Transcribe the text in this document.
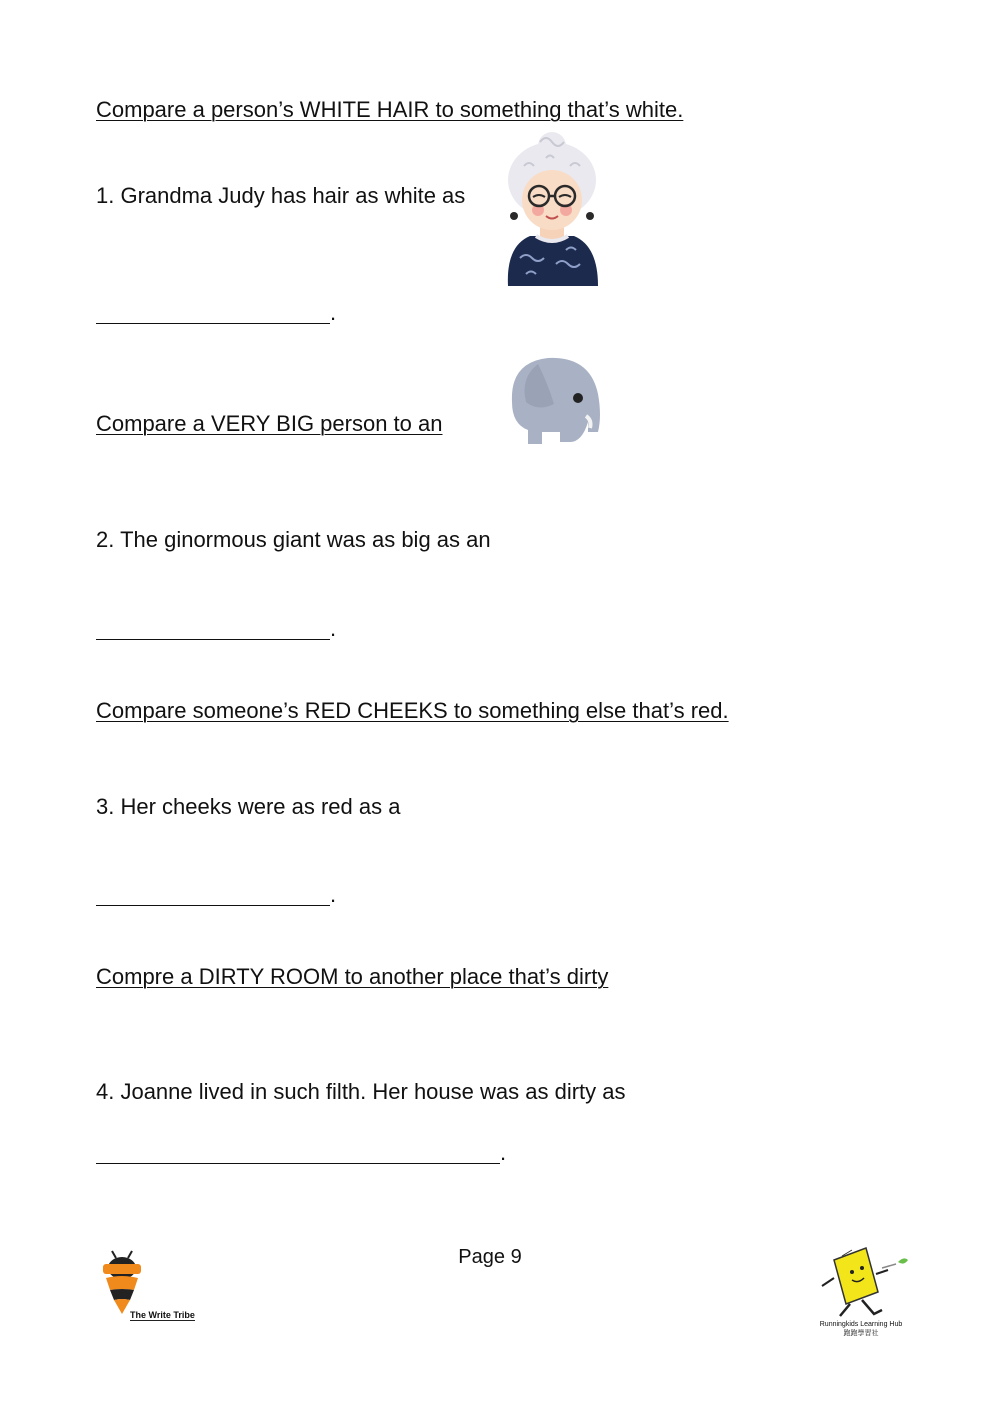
Compare a person’s WHITE HAIR to something that’s white.
1. Grandma Judy has hair as white as
.
Compare a VERY BIG person to an
2. The ginormous giant was as big as an
.
Compare someone’s RED CHEEKS to something else that’s red.
3. Her cheeks were as red as a
.
Compre a DIRTY ROOM to another place that’s dirty
4. Joanne lived in such filth. Her house was as dirty as
.
Page 9
The Write Tribe
Runningkids Learning Hub
跑跑學習社
